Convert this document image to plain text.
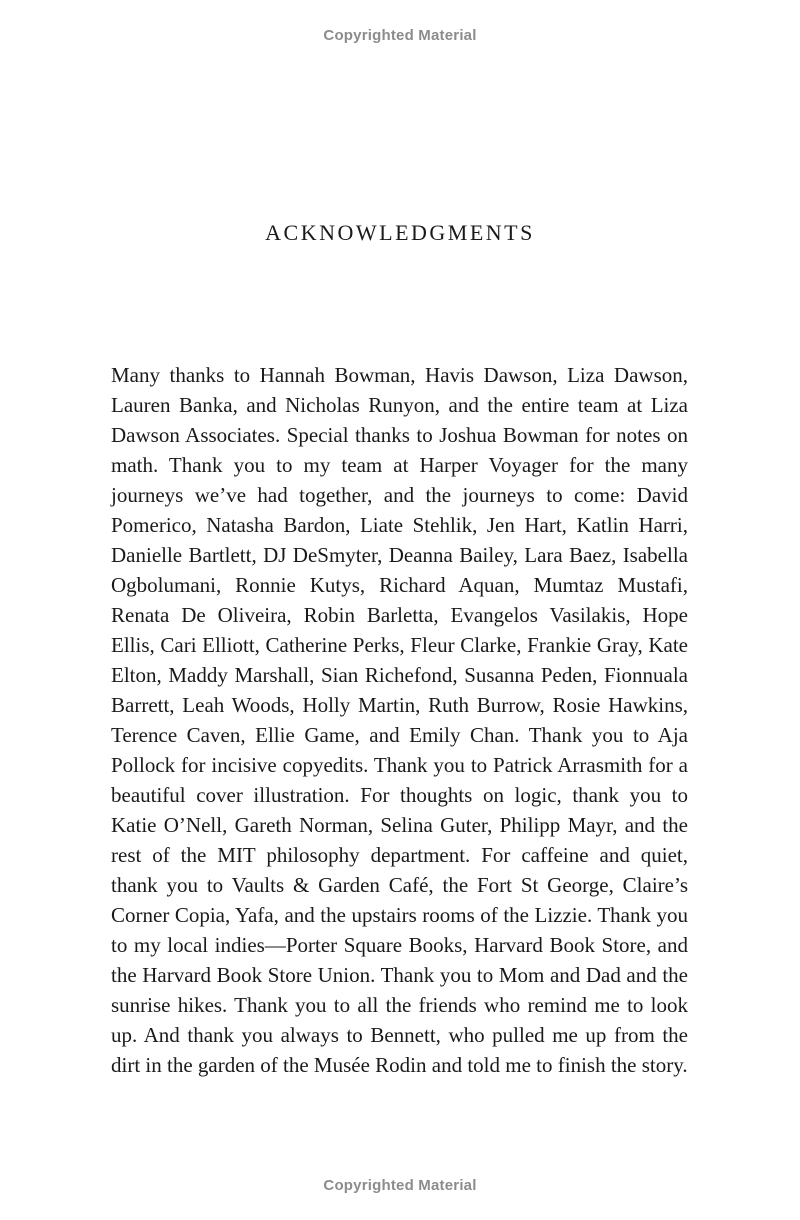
Copyrighted Material
ACKNOWLEDGMENTS

Many thanks to Hannah Bowman, Havis Dawson, Liza Dawson, Lauren Banka, and Nicholas Runyon, and the entire team at Liza Dawson Associates. Special thanks to Joshua Bowman for notes on math. Thank you to my team at Harper Voyager for the many journeys we’ve had together, and the journeys to come: David Pomerico, Natasha Bardon, Liate Stehlik, Jen Hart, Katlin Harri, Danielle Bartlett, DJ DeSmyter, Deanna Bailey, Lara Baez, Isabella Ogbolumani, Ronnie Kutys, Richard Aquan, Mumtaz Mustafi, Renata De Oliveira, Robin Barletta, Evangelos Vasilakis, Hope Ellis, Cari Elliott, Catherine Perks, Fleur Clarke, Frankie Gray, Kate Elton, Maddy Marshall, Sian Richefond, Susanna Peden, Fionnuala Barrett, Leah Woods, Holly Martin, Ruth Burrow, Rosie Hawkins, Terence Caven, Ellie Game, and Emily Chan. Thank you to Aja Pollock for incisive copyedits. Thank you to Patrick Arrasmith for a beautiful cover illustration. For thoughts on logic, thank you to Katie O’Nell, Gareth Norman, Selina Guter, Philipp Mayr, and the rest of the MIT philosophy department. For caffeine and quiet, thank you to Vaults & Garden Café, the Fort St George, Claire’s Corner Copia, Yafa, and the upstairs rooms of the Lizzie. Thank you to my local indies—Porter Square Books, Harvard Book Store, and the Harvard Book Store Union. Thank you to Mom and Dad and the sunrise hikes. Thank you to all the friends who remind me to look up. And thank you always to Bennett, who pulled me up from the dirt in the garden of the Musée Rodin and told me to finish the story.

Copyrighted Material
